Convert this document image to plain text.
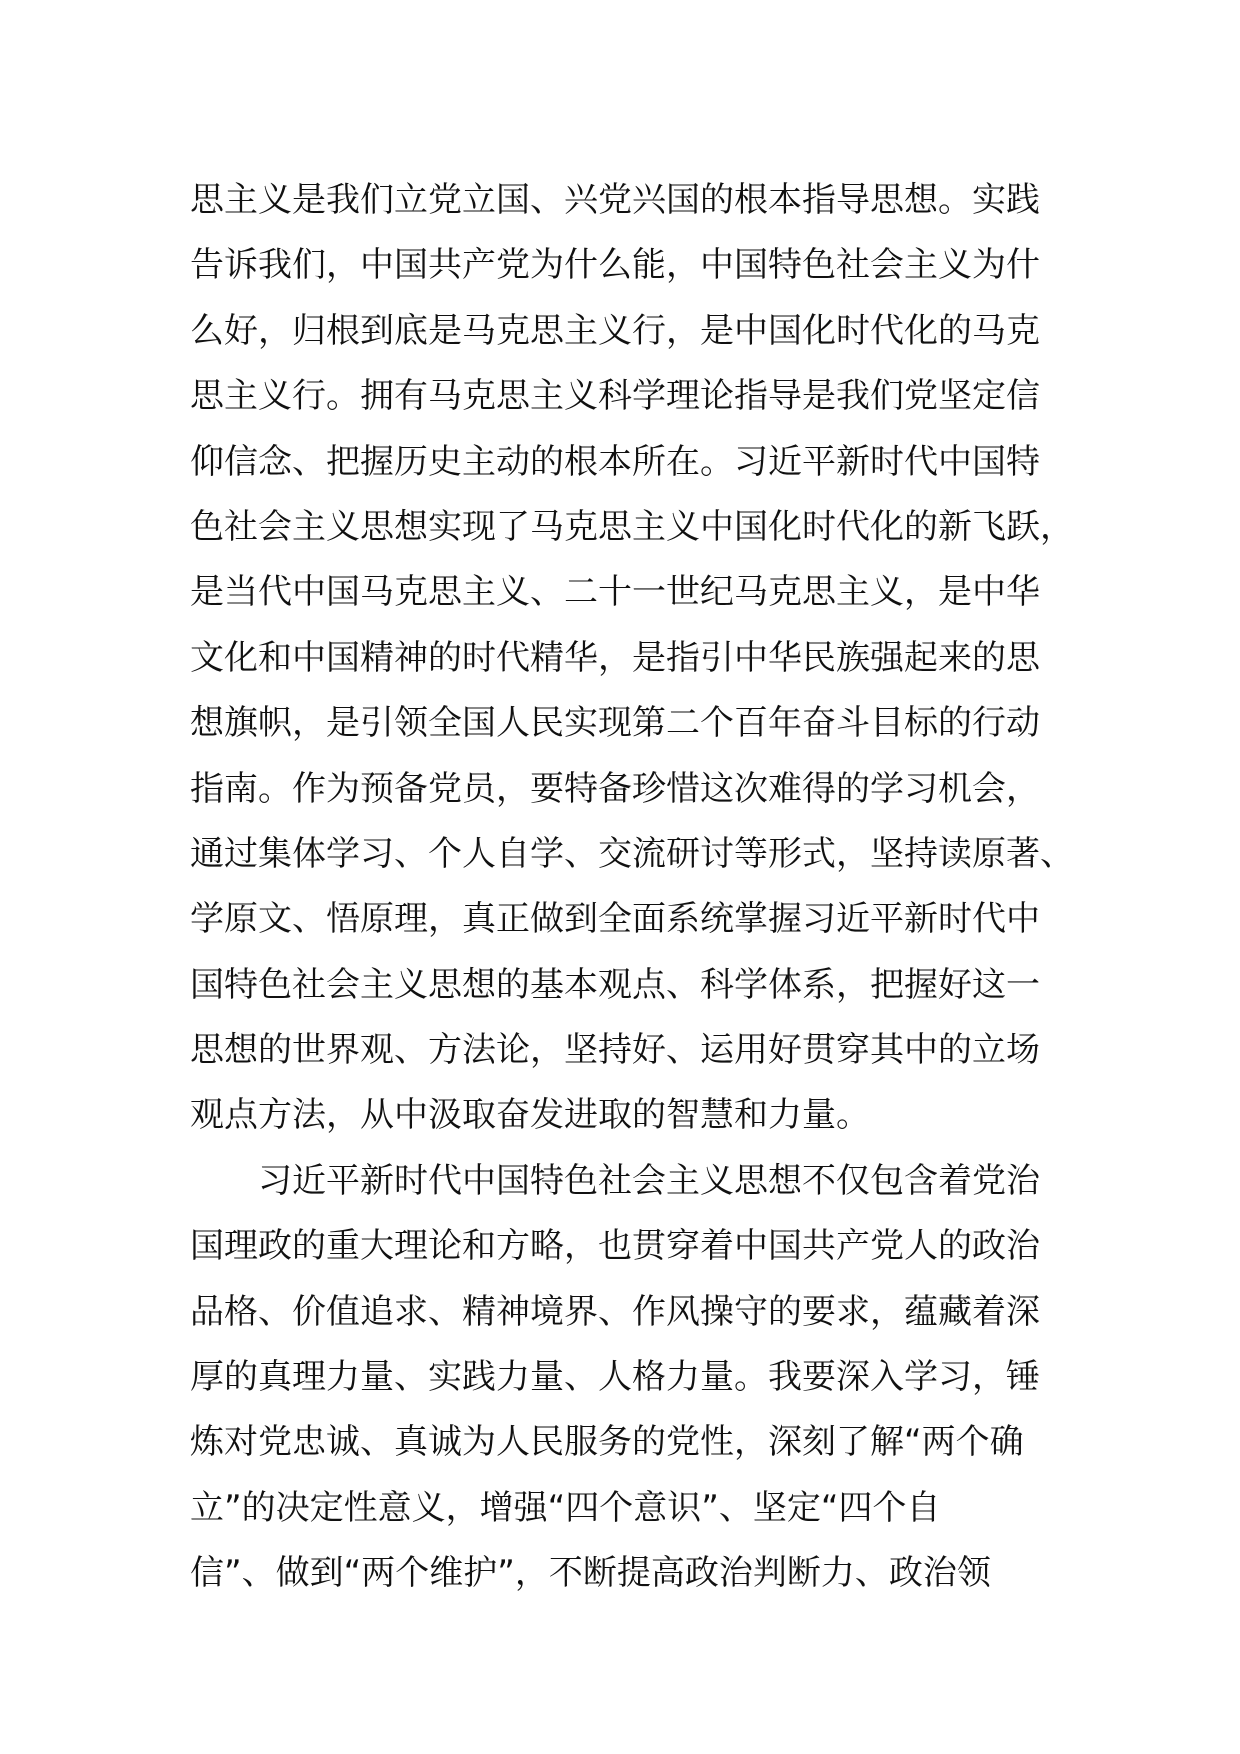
思主义是我们立党立国、兴党兴国的根本指导思想。实践
告诉我们，中国共产党为什么能，中国特色社会主义为什
么好，归根到底是马克思主义行，是中国化时代化的马克
思主义行。拥有马克思主义科学理论指导是我们党坚定信
仰信念、把握历史主动的根本所在。习近平新时代中国特
色社会主义思想实现了马克思主义中国化时代化的新飞跃，
是当代中国马克思主义、二十一世纪马克思主义，是中华
文化和中国精神的时代精华，是指引中华民族强起来的思
想旗帜，是引领全国人民实现第二个百年奋斗目标的行动
指南。作为预备党员，要特备珍惜这次难得的学习机会，
通过集体学习、个人自学、交流研讨等形式，坚持读原著、
学原文、悟原理，真正做到全面系统掌握习近平新时代中
国特色社会主义思想的基本观点、科学体系，把握好这一
思想的世界观、方法论，坚持好、运用好贯穿其中的立场
观点方法，从中汲取奋发进取的智慧和力量。
习近平新时代中国特色社会主义思想不仅包含着党治
国理政的重大理论和方略，也贯穿着中国共产党人的政治
品格、价值追求、精神境界、作风操守的要求，蕴藏着深
厚的真理力量、实践力量、人格力量。我要深入学习，锤
炼对党忠诚、真诚为人民服务的党性，深刻了解“两个确
立”的决定性意义，增强“四个意识”、坚定“四个自
信”、做到“两个维护”，不断提高政治判断力、政治领
